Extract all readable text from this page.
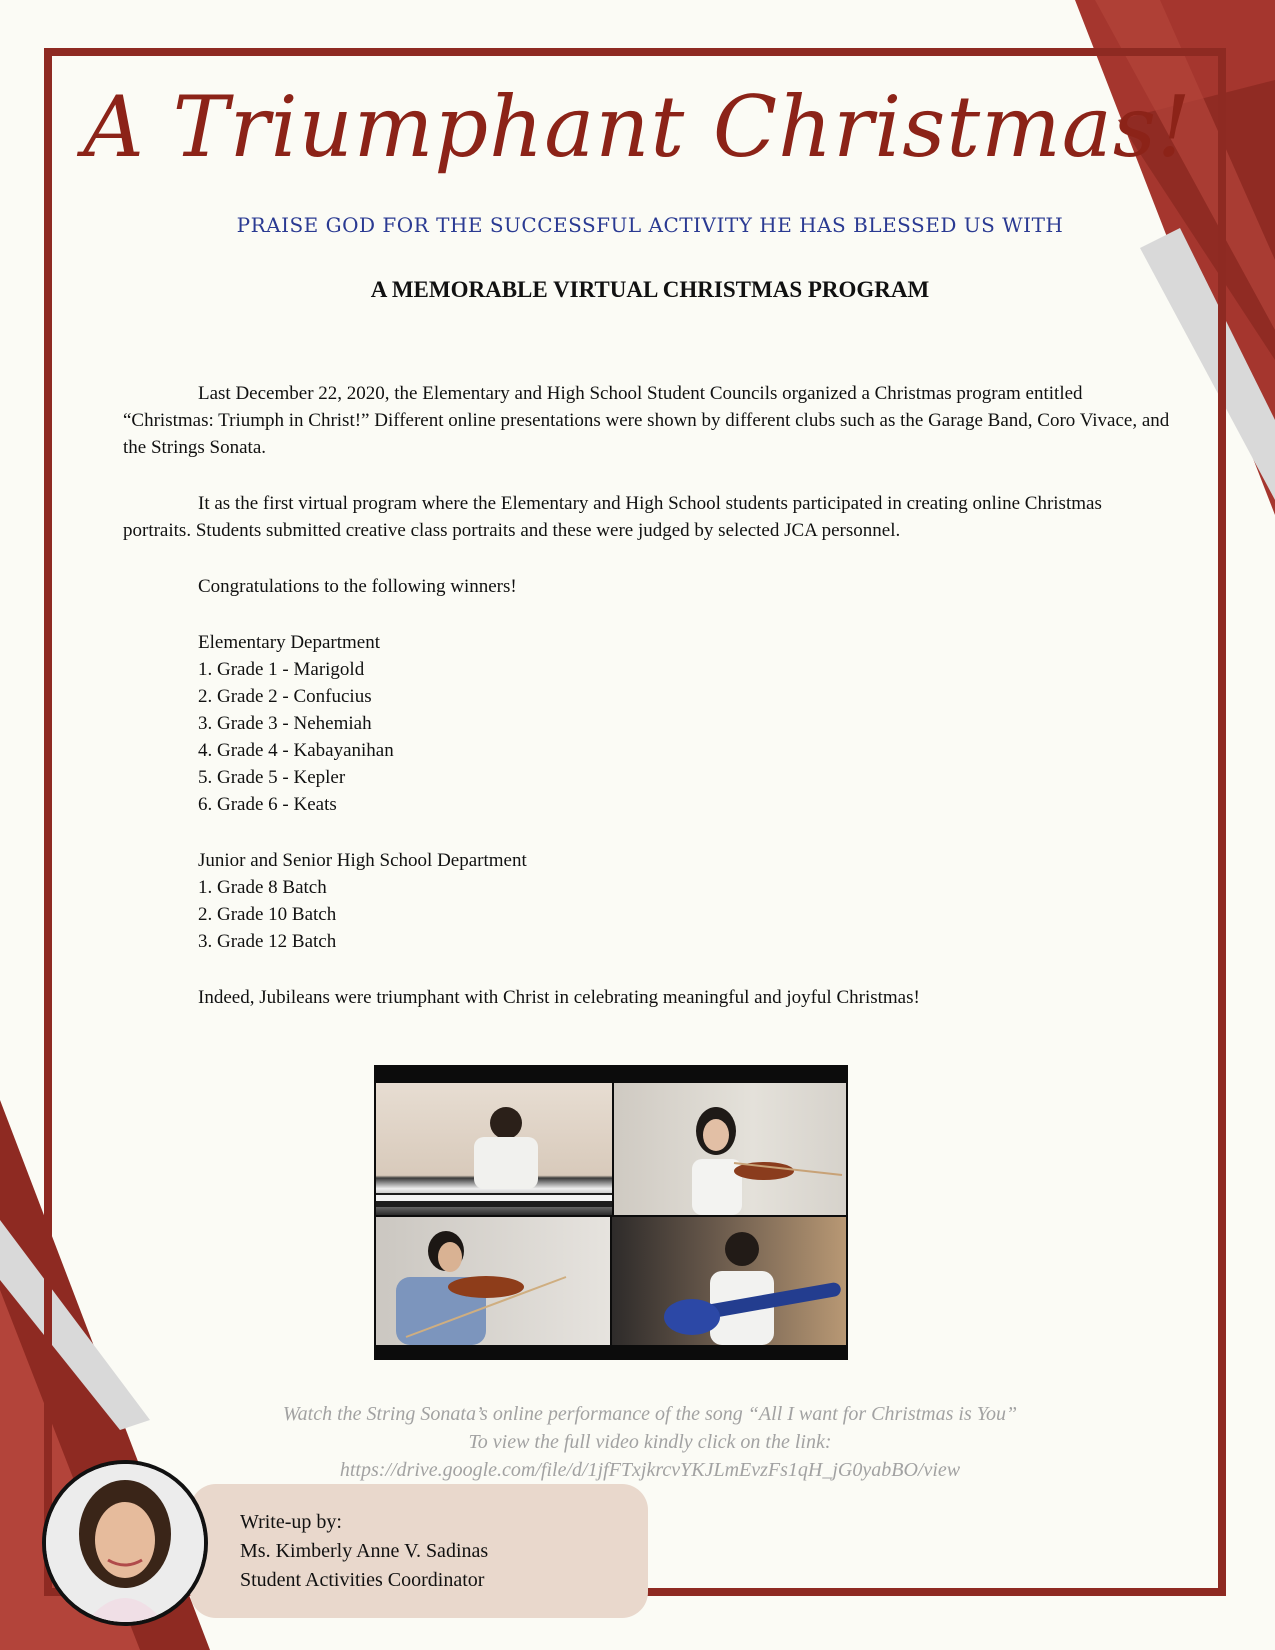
A Triumphant Christmas!
PRAISE GOD FOR THE SUCCESSFUL ACTIVITY HE HAS BLESSED US WITH
A MEMORABLE VIRTUAL CHRISTMAS PROGRAM

Last December 22, 2020, the Elementary and High School Student Councils organized a Christmas program entitled “Christmas: Triumph in Christ!” Different online presentations were shown by different clubs such as the Garage Band, Coro Vivace, and the Strings Sonata.

It as the first virtual program where the Elementary and High School students participated in creating online Christmas portraits. Students submitted creative class portraits and these were judged by selected JCA personnel.

Congratulations to the following winners!

Elementary Department
1. Grade 1 - Marigold
2. Grade 2 - Confucius
3. Grade 3 - Nehemiah
4. Grade 4 - Kabayanihan
5. Grade 5 - Kepler
6. Grade 6 - Keats
Junior and Senior High School Department
1. Grade 8 Batch
2. Grade 10 Batch
3. Grade 12 Batch

Indeed, Jubileans were triumphant with Christ in celebrating meaningful and joyful Christmas!

Watch the String Sonata’s online performance of the song “All I want for Christmas is You”
To view the full video kindly click on the link:
https://drive.google.com/file/d/1jfFTxjkrcvYKJLmEvzFs1qH_jG0yabBO/view
Write-up by:
Ms. Kimberly Anne V. Sadinas
Student Activities Coordinator
